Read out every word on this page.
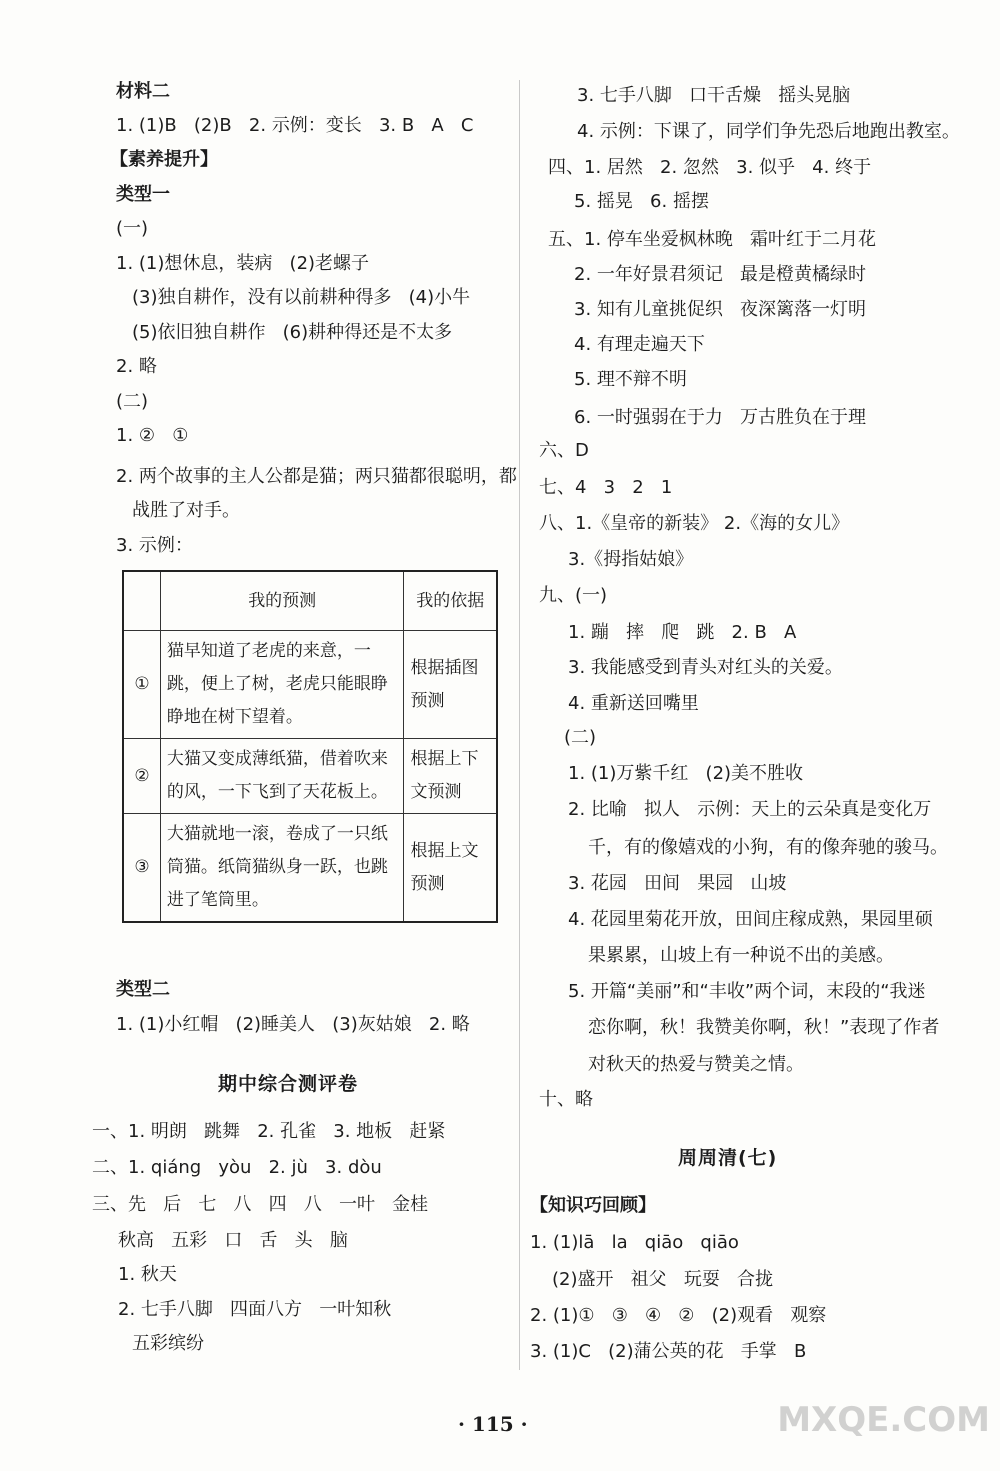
材料二
1. (1)B   (2)B   2. 示例：变长   3. B   A   C
【素养提升】
类型一
(一)
1. (1)想休息，装病   (2)老螺子
(3)独自耕作，没有以前耕种得多   (4)小牛
(5)依旧独自耕作   (6)耕种得还是不太多
2. 略
(二)
1. ②   ①
2. 两个故事的主人公都是猫；两只猫都很聪明，都
战胜了对手。
3. 示例：
	我的预测	我的依据
①	猫早知道了老虎的来意，一跳，便上了树，老虎只能眼睁睁地在树下望着。	根据插图预测
②	大猫又变成薄纸猫，借着吹来的风，一下飞到了天花板上。	根据上下文预测
③	大猫就地一滚，卷成了一只纸筒猫。纸筒猫纵身一跃，也跳进了笔筒里。	根据上文预测
类型二
1. (1)小红帽   (2)睡美人   (3)灰姑娘   2. 略
期中综合测评卷
一、1. 明朗   跳舞   2. 孔雀   3. 地板   赶紧
二、1. qiáng   yòu   2. jù   3. dòu
三、先   后   七   八   四   八   一叶   金桂
秋高   五彩   口   舌   头   脑
1. 秋天
2. 七手八脚   四面八方   一叶知秋
五彩缤纷
3. 七手八脚   口干舌燥   摇头晃脑
4. 示例：下课了，同学们争先恐后地跑出教室。
四、1. 居然   2. 忽然   3. 似乎   4. 终于
5. 摇晃   6. 摇摆
五、1. 停车坐爱枫林晚   霜叶红于二月花
2. 一年好景君须记   最是橙黄橘绿时
3. 知有儿童挑促织   夜深篱落一灯明
4. 有理走遍天下
5. 理不辩不明
6. 一时强弱在于力   万古胜负在于理
六、D
七、4   3   2   1
八、1.《皇帝的新装》 2.《海的女儿》
3.《拇指姑娘》
九、(一)
1. 蹦   摔   爬   跳   2. B   A
3. 我能感受到青头对红头的关爱。
4. 重新送回嘴里
(二)
1. (1)万紫千红   (2)美不胜收
2. 比喻   拟人   示例：天上的云朵真是变化万
千，有的像嬉戏的小狗，有的像奔驰的骏马。
3. 花园   田间   果园   山坡
4. 花园里菊花开放，田间庄稼成熟，果园里硕
果累累，山坡上有一种说不出的美感。
5. 开篇“美丽”和“丰收”两个词，末段的“我迷
恋你啊，秋！我赞美你啊，秋！”表现了作者
对秋天的热爱与赞美之情。
十、略
周周清(七)
【知识巧回顾】
1. (1)lā   la   qiāo   qiāo
(2)盛开   祖父   玩耍   合拢
2. (1)①   ③   ④   ②   (2)观看   观察
3. (1)C   (2)蒲公英的花   手掌   B
· 115 ·	MXQE.COM
